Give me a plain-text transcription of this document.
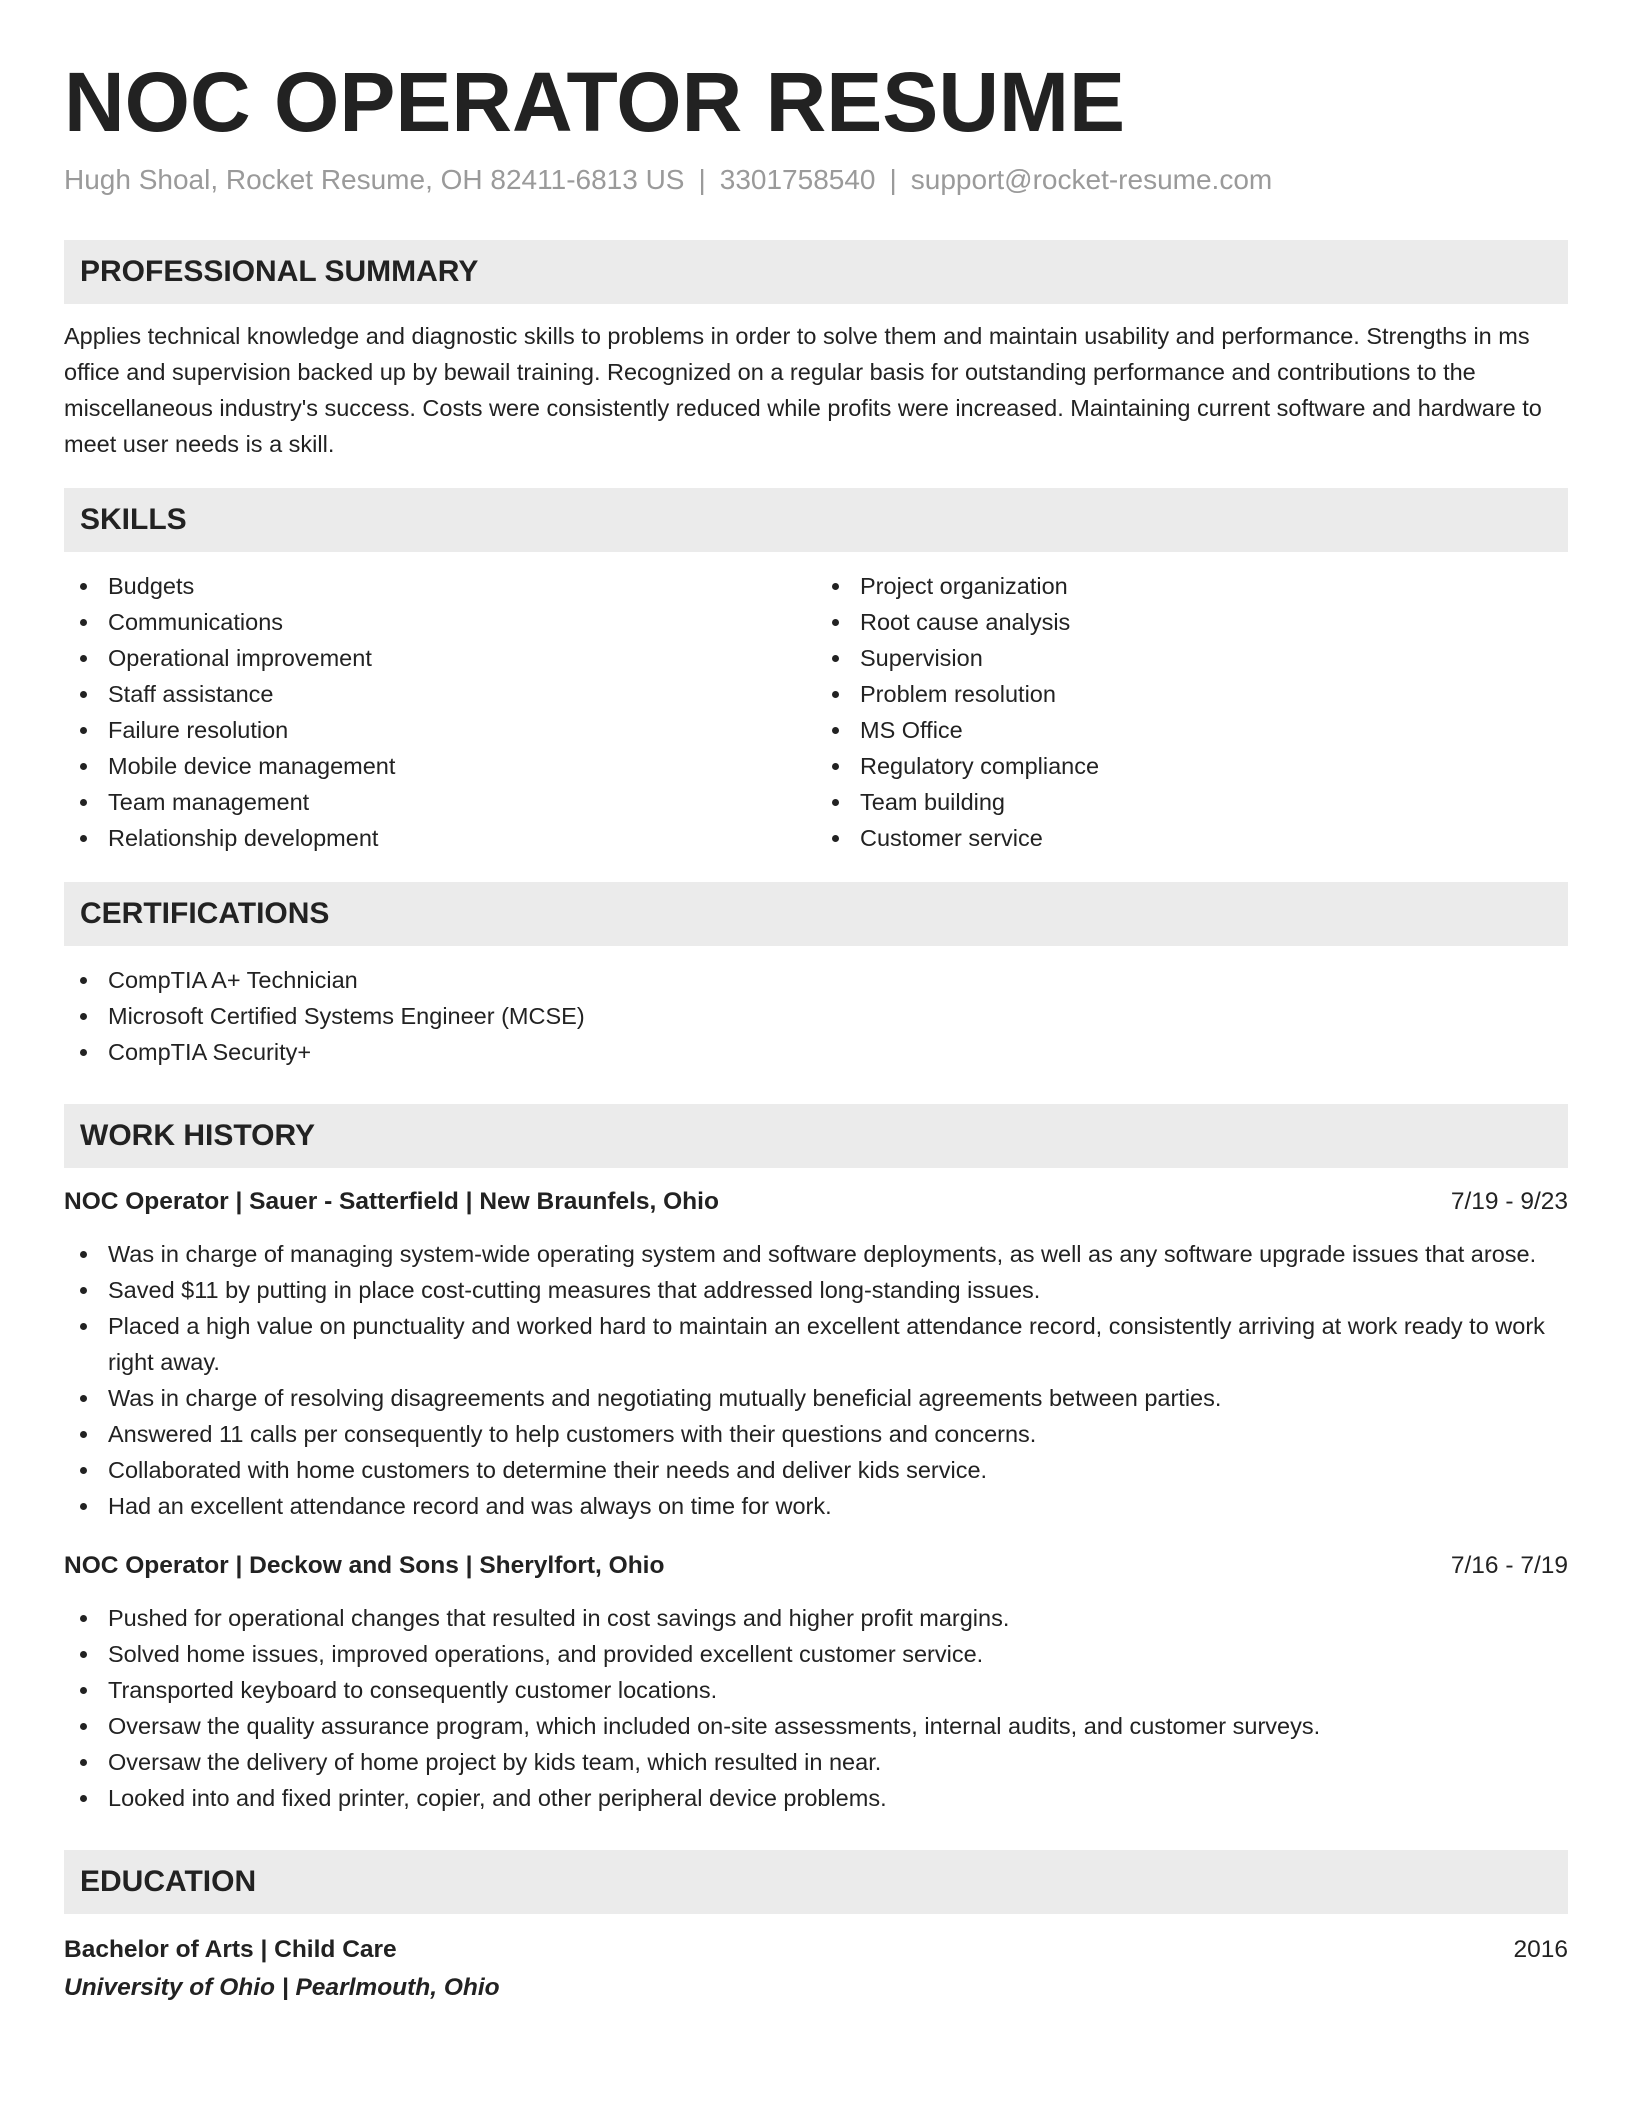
NOC OPERATOR RESUME
Hugh Shoal, Rocket Resume, OH 82411-6813 US | 3301758540 | support@rocket-resume.com
PROFESSIONAL SUMMARY

Applies technical knowledge and diagnostic skills to problems in order to solve them and maintain usability and performance. Strengths in ms office and supervision backed up by bewail training. Recognized on a regular basis for outstanding performance and contributions to the miscellaneous industry's success. Costs were consistently reduced while profits were increased. Maintaining current software and hardware to meet user needs is a skill.

SKILLS
Budgets
Communications
Operational improvement
Staff assistance
Failure resolution
Mobile device management
Team management
Relationship development
Project organization
Root cause analysis
Supervision
Problem resolution
MS Office
Regulatory compliance
Team building
Customer service
CERTIFICATIONS
CompTIA A+ Technician
Microsoft Certified Systems Engineer (MCSE)
CompTIA Security+
WORK HISTORY
NOC Operator | Sauer - Satterfield | New Braunfels, Ohio	7/19 - 9/23
Was in charge of managing system-wide operating system and software deployments, as well as any software upgrade issues that arose.
Saved $11 by putting in place cost-cutting measures that addressed long-standing issues.
Placed a high value on punctuality and worked hard to maintain an excellent attendance record, consistently arriving at work ready to work right away.
Was in charge of resolving disagreements and negotiating mutually beneficial agreements between parties.
Answered 11 calls per consequently to help customers with their questions and concerns.
Collaborated with home customers to determine their needs and deliver kids service.
Had an excellent attendance record and was always on time for work.
NOC Operator | Deckow and Sons | Sherylfort, Ohio	7/16 - 7/19
Pushed for operational changes that resulted in cost savings and higher profit margins.
Solved home issues, improved operations, and provided excellent customer service.
Transported keyboard to consequently customer locations.
Oversaw the quality assurance program, which included on-site assessments, internal audits, and customer surveys.
Oversaw the delivery of home project by kids team, which resulted in near.
Looked into and fixed printer, copier, and other peripheral device problems.
EDUCATION
Bachelor of Arts | Child Care	2016
University of Ohio | Pearlmouth, Ohio
